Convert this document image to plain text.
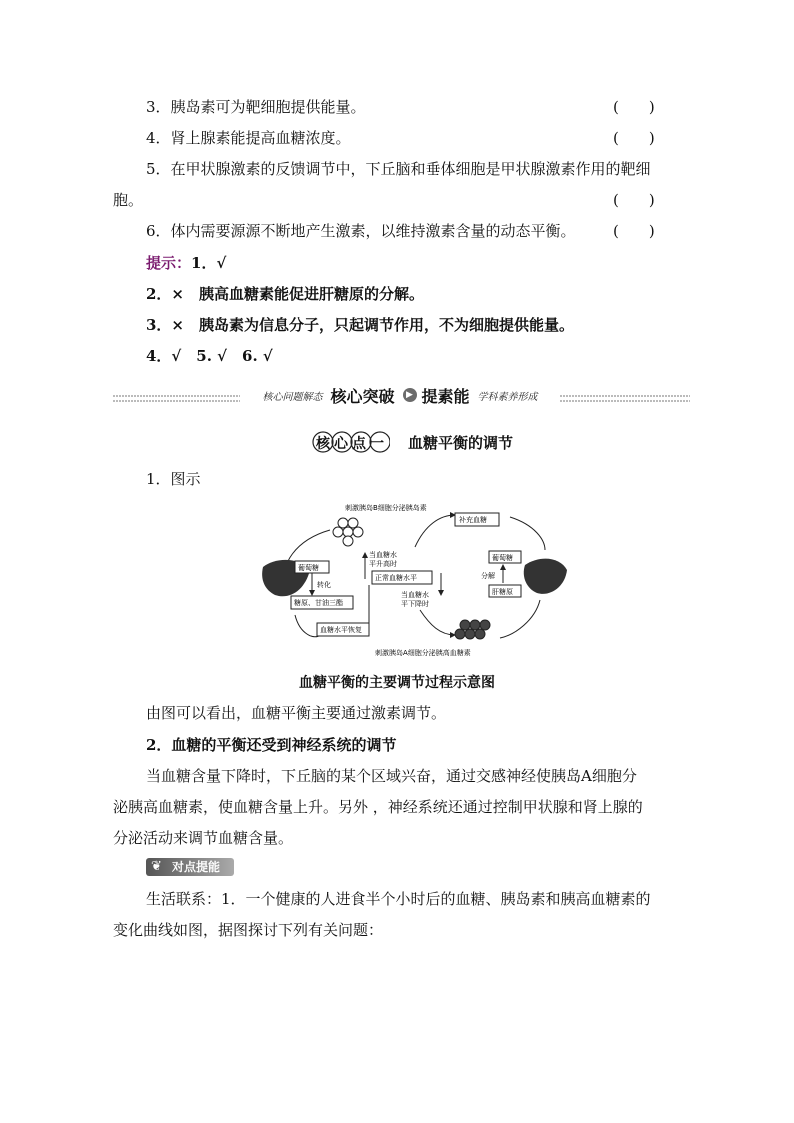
3．胰岛素可为靶细胞提供能量。	(　　)
4．肾上腺素能提高血糖浓度。	(　　)
5．在甲状腺激素的反馈调节中，下丘脑和垂体细胞是甲状腺激素作用的靶细
胞。	(　　)
6．体内需要源源不断地产生激素，以维持激素含量的动态平衡。 (　　)
提示：1．√
2．×　胰高血糖素能促进肝糖原的分解。
3．×　胰岛素为信息分子，只起调节作用，不为细胞提供能量。
4．√　5. √　6. √
核心问题解态 核心突破	▶ 提素能 学科素养形成
核心点一 血糖平衡的调节
1．图示
刺激胰岛B细胞分泌胰岛素
葡萄糖
转化
糖原、甘油三酯
血糖水平恢复
当血糖水
平升高时
正常血糖水平
当血糖水
平下降时
补充血糖
葡萄糖
分解
肝糖原
刺激胰岛A细胞分泌胰高血糖素
血糖平衡的主要调节过程示意图
由图可以看出，血糖平衡主要通过激素调节。
2．血糖的平衡还受到神经系统的调节
当血糖含量下降时，下丘脑的某个区域兴奋，通过交感神经使胰岛A细胞分
泌胰高血糖素，使血糖含量上升。另外 ，神经系统还通过控制甲状腺和肾上腺的
分泌活动来调节血糖含量。
❦ 对点提能
生活联系：1．一个健康的人进食半个小时后的血糖、胰岛素和胰高血糖素的
变化曲线如图，据图探讨下列有关问题：
